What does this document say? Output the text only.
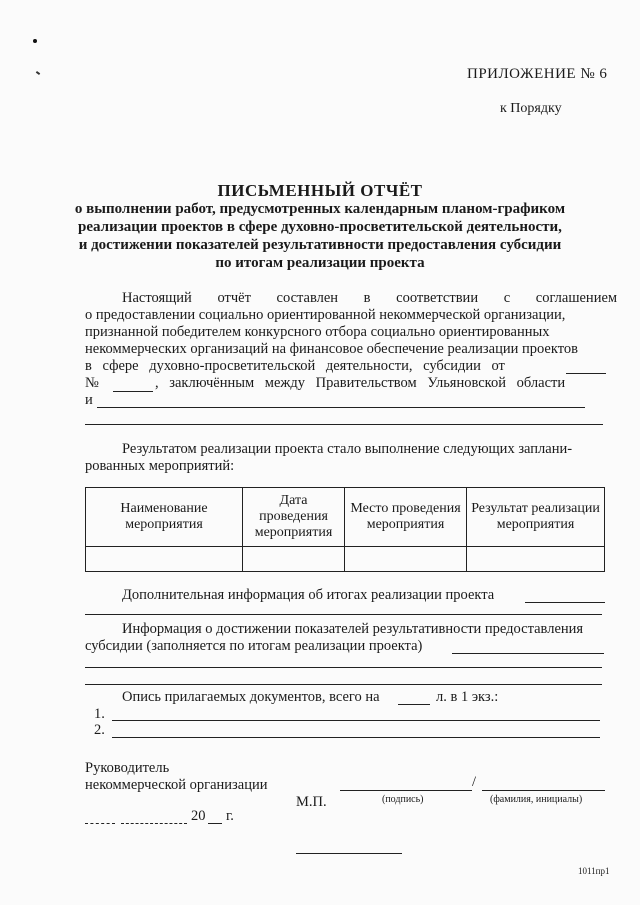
ПРИЛОЖЕНИЕ № 6
к Порядку
ПИСЬМЕННЫЙ ОТЧЁТ
о выполнении работ, предусмотренных календарным планом-графиком
реализации проектов в сфере духовно-просветительской деятельности,
и достижении показателей результативности предоставления субсидии
по итогам реализации проекта
Настоящий отчёт составлен в соответствии с соглашением
о предоставлении социально ориентированной некоммерческой организации,
признанной победителем конкурсного отбора социально ориентированных
некоммерческих организаций на финансовое обеспечение реализации проектов
в сфере духовно-просветительской деятельности, субсидии от
№	, заключённым между Правительством Ульяновской области
и
Результатом реализации проекта стало выполнение следующих заплани-
рованных мероприятий:
Наименование мероприятия	Дата проведения мероприятия	Место проведения мероприятия	Результат реализации мероприятия

Дополнительная информация об итогах реализации проекта
Информация о достижении показателей результативности предоставления
субсидии (заполняется по итогам реализации проекта)
Опись прилагаемых документов, всего на	л. в 1 экз.:
1.
2.
Руководитель
некоммерческой организации	/
М.П.	(подпись)	(фамилия, инициалы)
20 г.
1011пр1
